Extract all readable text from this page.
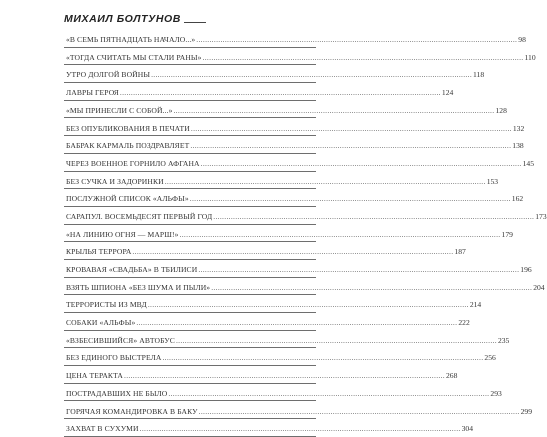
МИХАИЛ БОЛТУНОВ
«В СЕМЬ ПЯТНАДЦАТЬ НАЧАЛО...» .....	98
«ТОГДА СЧИТАТЬ МЫ СТАЛИ РАНЫ» .....	110
УТРО ДОЛГОЙ ВОЙНЫ .....	118
ЛАВРЫ ГЕРОЯ .....	124
«МЫ ПРИНЕСЛИ С СОБОЙ...» .....	128
БЕЗ ОПУБЛИКОВАНИЯ В ПЕЧАТИ .....	132
БАБРАК КАРМАЛЬ ПОЗДРАВЛЯЕТ .....	138
ЧЕРЕЗ ВОЕННОЕ ГОРНИЛО АФГАНА .....	145
БЕЗ СУЧКА И ЗАДОРИНКИ .....	153
ПОСЛУЖНОЙ СПИСОК «АЛЬФЫ» .....	162
САРАПУЛ. ВОСЕМЬДЕСЯТ ПЕРВЫЙ ГОД .....	173
«НА ЛИНИЮ ОГНЯ — МАРШ!» .....	179
КРЫЛЬЯ ТЕРРОРА .....	187
КРОВАВАЯ «СВАДЬБА» В ТБИЛИСИ .....	196
ВЗЯТЬ ШПИОНА «БЕЗ ШУМА И ПЫЛИ» .....	204
ТЕРРОРИСТЫ ИЗ МВД .....	214
СОБАКИ «АЛЬФЫ» .....	222
«ВЗБЕСИВШИЙСЯ» АВТОБУС .....	235
БЕЗ ЕДИНОГО ВЫСТРЕЛА .....	256
ЦЕНА ТЕРАКТА .....	268
ПОСТРАДАВШИХ НЕ БЫЛО .....	293
ГОРЯЧАЯ КОМАНДИРОВКА В БАКУ .....	299
ЗАХВАТ В СУХУМИ .....	304
